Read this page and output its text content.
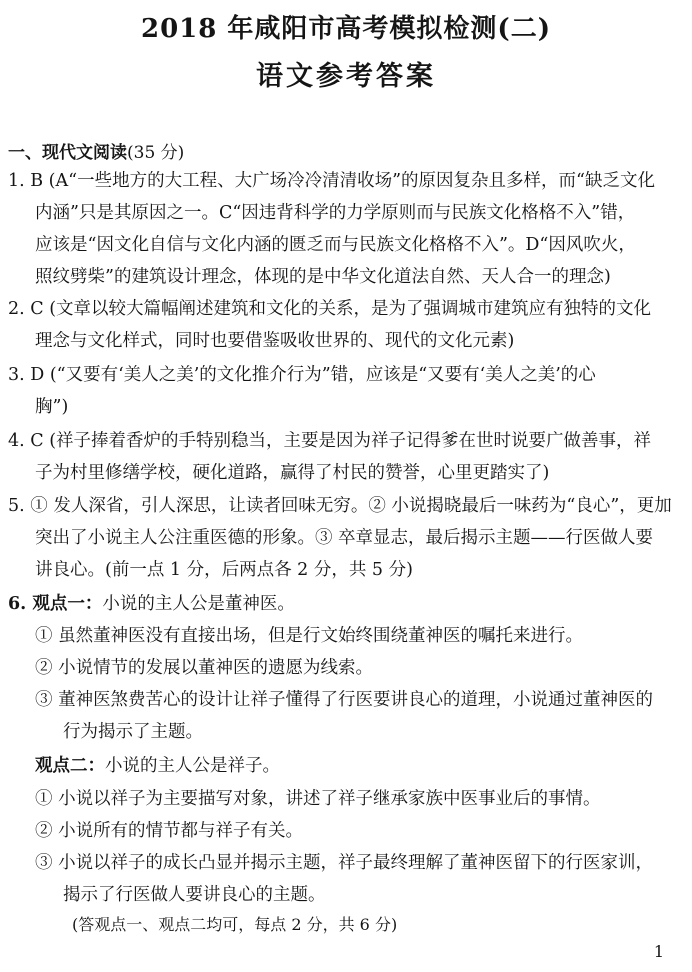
2018 年咸阳市高考模拟检测(二)
语文参考答案
一、现代文阅读(35 分)
1. B (A“一些地方的大工程、大广场冷冷清清收场”的原因复杂且多样，而“缺乏文化
内涵”只是其原因之一。C“因违背科学的力学原则而与民族文化格格不入”错，
应该是“因文化自信与文化内涵的匮乏而与民族文化格格不入”。D“因风吹火，
照纹劈柴”的建筑设计理念，体现的是中华文化道法自然、天人合一的理念)
2. C (文章以较大篇幅阐述建筑和文化的关系，是为了强调城市建筑应有独特的文化
理念与文化样式，同时也要借鉴吸收世界的、现代的文化元素)
3. D (“又要有‘美人之美’的文化推介行为”错，应该是“又要有‘美人之美’的心
胸”)
4. C (祥子捧着香炉的手特别稳当，主要是因为祥子记得爹在世时说要广做善事，祥
子为村里修缮学校，硬化道路，赢得了村民的赞誉，心里更踏实了)
5. ① 发人深省，引人深思，让读者回味无穷。② 小说揭晓最后一味药为“良心”，更加
突出了小说主人公注重医德的形象。③ 卒章显志，最后揭示主题——行医做人要
讲良心。(前一点 1 分，后两点各 2 分，共 5 分)
6. 观点一：小说的主人公是董神医。
① 虽然董神医没有直接出场，但是行文始终围绕董神医的嘱托来进行。
② 小说情节的发展以董神医的遗愿为线索。
③ 董神医煞费苦心的设计让祥子懂得了行医要讲良心的道理，小说通过董神医的
行为揭示了主题。
观点二：小说的主人公是祥子。
① 小说以祥子为主要描写对象，讲述了祥子继承家族中医事业后的事情。
② 小说所有的情节都与祥子有关。
③ 小说以祥子的成长凸显并揭示主题，祥子最终理解了董神医留下的行医家训，
揭示了行医做人要讲良心的主题。
(答观点一、观点二均可，每点 2 分，共 6 分)
1
